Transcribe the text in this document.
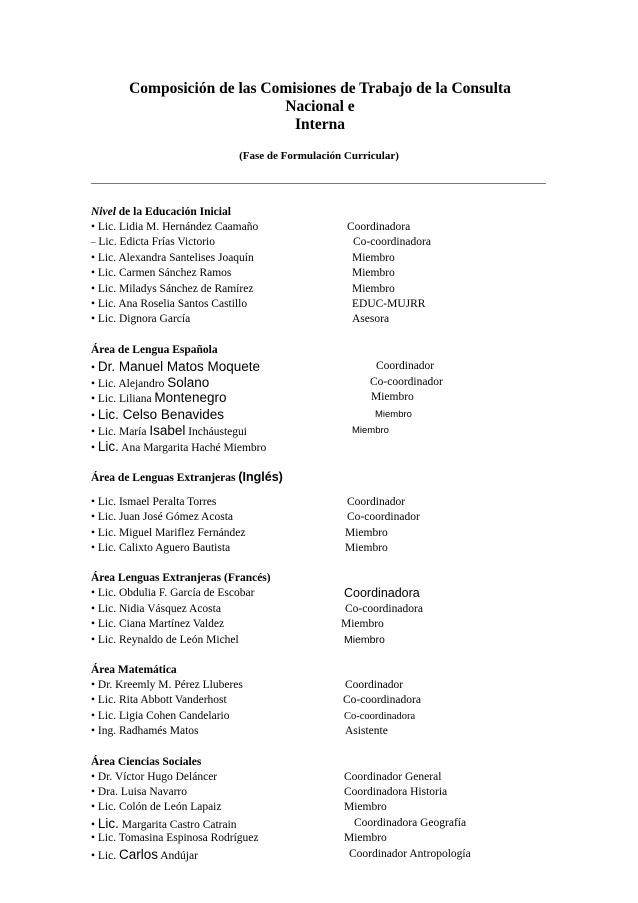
Composición de las Comisiones de Trabajo de la Consulta
Nacional e
Interna
(Fase de Formulación Curricular)
Nivel de la Educación Inicial
• Lic. Lidia M. Hernández Caamaño	Coordinadora
– Lic. Edicta Frías Victorio	Co-coordinadora
• Lic. Alexandra Santelises Joaquín	Miembro
• Lic. Carmen Sánchez Ramos	Miembro
• Lic. Miladys Sánchez de Ramírez	Miembro
• Lic. Ana Roselia Santos Castillo	EDUC-MUJRR
• Lic. Dignora García	Asesora
Área de Lengua Española
• Dr. Manuel Matos Moquete	Coordinador
• Lic. Alejandro Solano	Co-coordinador
• Lic. Liliana Montenegro	Miembro
• Lic. Celso Benavides	Miembro
• Lic. María Isabel Incháustegui	Miembro
• Lic. Ana Margarita Haché Miembro
Área de Lenguas Extranjeras (Inglés)
• Lic. Ismael Peralta Torres	Coordinador
• Lic. Juan José Gómez Acosta	Co-coordinador
• Lic. Miguel Mariflez Fernández	Miembro
• Lic. Calixto Aguero Bautista	Miembro
Área Lenguas Extranjeras (Francés)
• Lic. Obdulia F. García de Escobar	Coordinadora
• Lic. Nidia Vásquez Acosta	Co-coordinadora
• Lic. Ciana Martínez Valdez	Miembro
• Lic. Reynaldo de León Michel	Miembro
Área Matemática
• Dr. Kreemly M. Pérez Lluberes	Coordinador
• Lic. Rita Abbott Vanderhost	Co-coordinadora
• Lic. Ligia Cohen Candelario	Co-coordinadora
• Ing. Radhamés Matos	Asistente
Área Ciencias Sociales
• Dr. Víctor Hugo Deláncer	Coordinador General
• Dra. Luisa Navarro	Coordinadora Historia
• Lic. Colón de León Lapaiz	Miembro
• Lic. Margarita Castro Catrain	Coordinadora Geografía
• Lic. Tomasina Espinosa Rodríguez	Miembro
• Lic. Carlos Andújar	Coordinador Antropología
